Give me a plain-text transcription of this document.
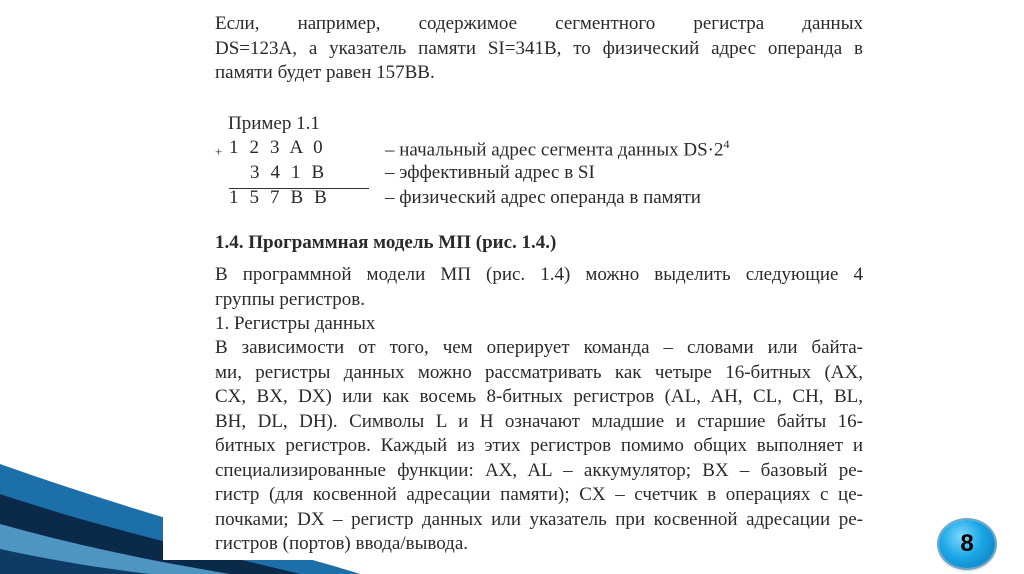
Если, например, содержимое сегментного регистра данных
DS=123A, а указатель памяти SI=341B, то физический адрес операнда в
памяти будет равен 157BB.

Пример 1.1
+ 1  2  3  A  0	– начальный адрес сегмента данных $DS\cdot 2^4$
3  4  1  B	– эффективный адрес в SI
1  5  7  B  B	– физический адрес операнда в памяти
1.4. Программная модель МП (рис. 1.4.)

В программной модели МП (рис. 1.4) можно выделить следующие 4
группы регистров.

1. Регистры данных

В зависимости от того, чем оперирует команда – словами или байта-
ми, регистры данных можно рассматривать как четыре 16-битных (AX,
CX, BX, DX) или как восемь 8-битных регистров (AL, AH, CL, CH, BL,
BH, DL, DH). Символы L и H означают младшие и старшие байты 16-
битных регистров. Каждый из этих регистров помимо общих выполняет и
специализированные функции: AX, AL – аккумулятор; BX – базовый ре-
гистр (для косвенной адресации памяти); CX – счетчик в операциях с це-
почками; DX – регистр данных или указатель при косвенной адресации ре-
гистров (портов) ввода/вывода.	8
